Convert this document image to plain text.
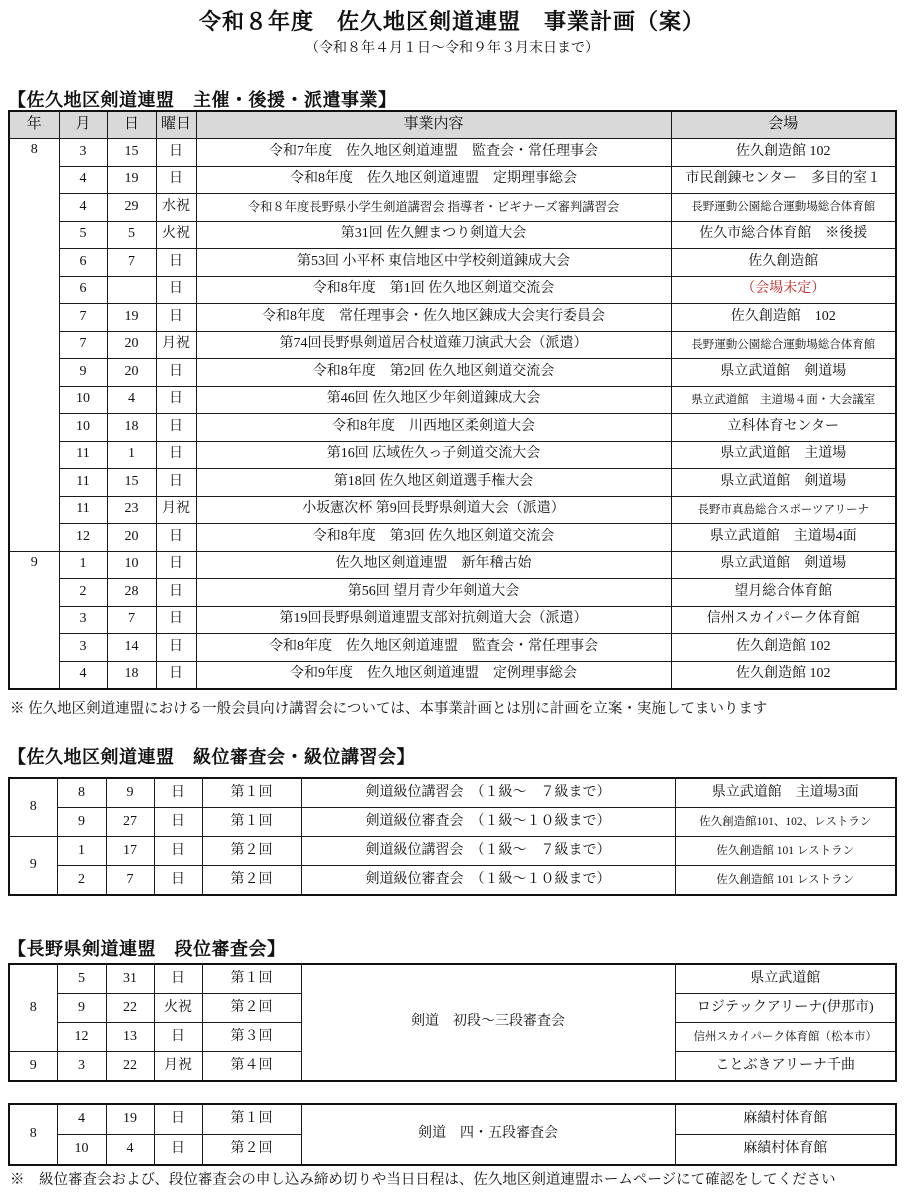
令和８年度　佐久地区剣道連盟　事業計画（案）
（令和８年４月１日～令和９年３月末日まで）
【佐久地区剣道連盟　主催・後援・派遣事業】
年	月	日	曜日	事業内容	会場
8	3	15	日	令和7年度　佐久地区剣道連盟　監査会・常任理事会	佐久創造館 102
	4	19	日	令和8年度　佐久地区剣道連盟　定期理事総会	市民創錬センター　多目的室１
	4	29	水祝	令和８年度長野県小学生剣道講習会 指導者・ビギナーズ審判講習会	長野運動公園総合運動場総合体育館
	5	5	火祝	第31回 佐久鯉まつり剣道大会	佐久市総合体育館　※後援
	6	7	日	第53回 小平杯 東信地区中学校剣道錬成大会	佐久創造館
	6		日	令和8年度　第1回 佐久地区剣道交流会	（会場未定）
	7	19	日	令和8年度　常任理事会・佐久地区錬成大会実行委員会	佐久創造館　102
	7	20	月祝	第74回長野県剣道居合杖道薙刀演武大会（派遣）	長野運動公園総合運動場総合体育館
	9	20	日	令和8年度　第2回 佐久地区剣道交流会	県立武道館　剣道場
	10	4	日	第46回 佐久地区少年剣道錬成大会	県立武道館　主道場４面・大会議室
	10	18	日	令和8年度　川西地区柔剣道大会	立科体育センター
	11	1	日	第16回 広域佐久っ子剣道交流大会	県立武道館　主道場
	11	15	日	第18回 佐久地区剣道選手権大会	県立武道館　剣道場
	11	23	月祝	小坂憲次杯 第9回長野県剣道大会（派遣）	長野市真島総合スポーツアリーナ
	12	20	日	令和8年度　第3回 佐久地区剣道交流会	県立武道館　主道場4面
9	1	10	日	佐久地区剣道連盟　新年稽古始	県立武道館　剣道場
	2	28	日	第56回 望月青少年剣道大会	望月総合体育館
	3	7	日	第19回長野県剣道連盟支部対抗剣道大会（派遣）	信州スカイパーク体育館
	3	14	日	令和8年度　佐久地区剣道連盟　監査会・常任理事会	佐久創造館 102
	4	18	日	令和9年度　佐久地区剣道連盟　定例理事総会	佐久創造館 102
※ 佐久地区剣道連盟における一般会員向け講習会については、本事業計画とは別に計画を立案・実施してまいります
【佐久地区剣道連盟　級位審査会・級位講習会】
8	8	9	日	第１回	剣道級位講習会　（１級～　７級まで）	県立武道館　主道場3面
	9	27	日	第１回	剣道級位審査会　（１級～１０級まで）	佐久創造館101、102、レストラン
9	1	17	日	第２回	剣道級位講習会　（１級～　７級まで）	佐久創造館 101 レストラン
	2	7	日	第２回	剣道級位審査会　（１級～１０級まで）	佐久創造館 101 レストラン
【長野県剣道連盟　段位審査会】
8	5	31	日	第１回	剣道　初段～三段審査会	県立武道館
	9	22	火祝	第２回		ロジテックアリーナ(伊那市)
	12	13	日	第３回		信州スカイパーク体育館（松本市）
9	3	22	月祝	第４回		ことぶきアリーナ千曲
8	4	19	日	第１回	剣道　四・五段審査会	麻績村体育館
	10	4	日	第２回		麻績村体育館
※　級位審査会および、段位審査会の申し込み締め切りや当日日程は、佐久地区剣道連盟ホームページにて確認をしてください
